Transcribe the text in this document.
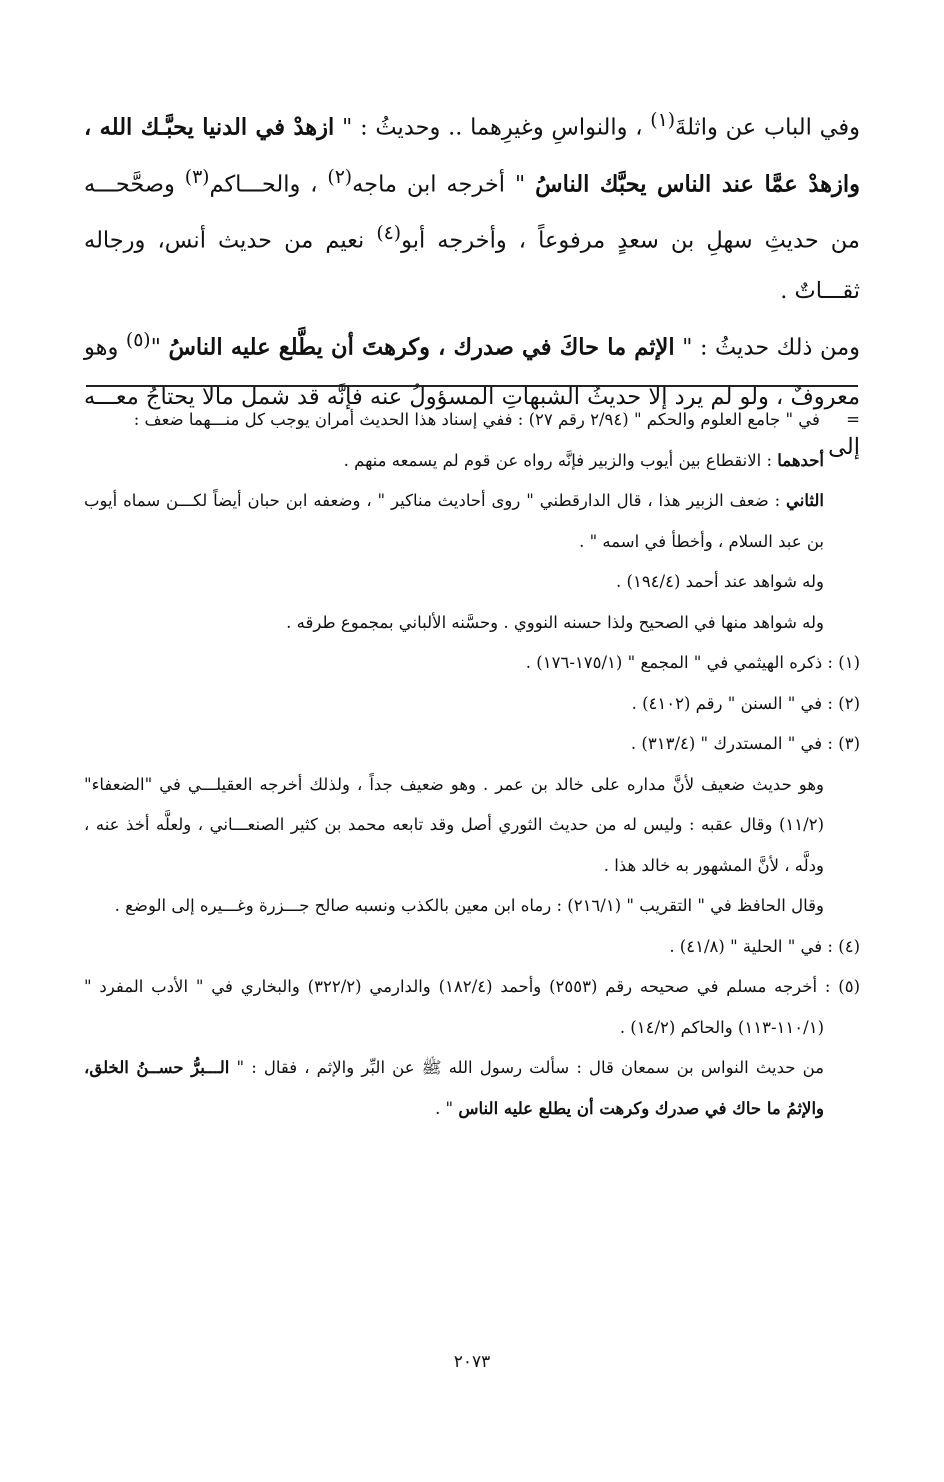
وفي الباب عن واثلةَ$^{(١)}$ ، والنواسِ وغيرِهما .. وحديثُ : " ازهدْ في الدنيا يحبَّـك الله ، وازهدْ عمَّا عند الناس يحبَّك الناسُ " أخرجه ابن ماجه$^{(٢)}$ ، والحـــاكم$^{(٣)}$ وصحَّحـــه من حديثِ سهلِ بن سعدٍ مرفوعاً ، وأخرجه أبو$^{(٤)}$ نعيم من حديث أنس، ورجاله ثقـــاتٌ .

ومن ذلك حديثُ : " الإثم ما حاكَ في صدرك ، وكرهتَ أن يطَّلع عليه الناسُ "$^{(٥)}$ وهو معروفٌ ، ولو لم يرد إلا حديثُ الشبهاتِ المسؤولُ عنه فإنَّه قد شمل مالا يحتاجُ معـــه إلى

=     في " جامع العلوم والحكم " (٢/٩٤ رقم ٢٧) : ففي إسناد هذا الحديث أمران يوجب كل منـــهما ضعف :

أحدهما : الانقطاع بين أيوب والزبير فإنَّه رواه عن قوم لم يسمعه منهم .

الثاني : ضعف الزبير هذا ، قال الدارقطني " روى أحاديث مناكير " ، وضعفه ابن حبان أيضاً لكـــن سماه أيوب بن عبد السلام ، وأخطأ في اسمه " .

وله شواهد عند أحمد (١٩٤/٤) .

وله شواهد منها في الصحيح ولذا حسنه النووي . وحسَّنه الألباني بمجموع طرقه .

(١) : ذكره الهيثمي في " المجمع " (١٧٥/١-١٧٦) .

(٢) : في " السنن " رقم (٤١٠٢) .

(٣) : في " المستدرك " (٣١٣/٤) .

وهو حديث ضعيف لأنَّ مداره على خالد بن عمر . وهو ضعيف جداً ، ولذلك أخرجه العقيلـــي في "الضعفاء" (١١/٢) وقال عقبه : وليس له من حديث الثوري أصل وقد تابعه محمد بن كثير الصنعـــاني ، ولعلَّه أخذ عنه ، ودلَّه ، لأنَّ المشهور به خالد هذا .

وقال الحافظ في " التقريب " (٢١٦/١) : رماه ابن معين بالكذب ونسبه صالح جـــزرة وغـــيره إلى الوضع .

(٤) : في " الحلية " (٤١/٨) .

(٥) : أخرجه مسلم في صحيحه رقم (٢٥٥٣) وأحمد (١٨٢/٤) والدارمي (٣٢٢/٢) والبخاري في " الأدب المفرد " (١١٠/١-١١٣) والحاكم (١٤/٢) .

من حديث النواس بن سمعان قال : سألت رسول الله ﷺ عن البِّر والإثم ، فقال : " الـــبرُّ حســنُ الخلق، والإثمُ ما حاك في صدرك وكرهت أن يطلع عليه الناس " .

٢٠٧٣
